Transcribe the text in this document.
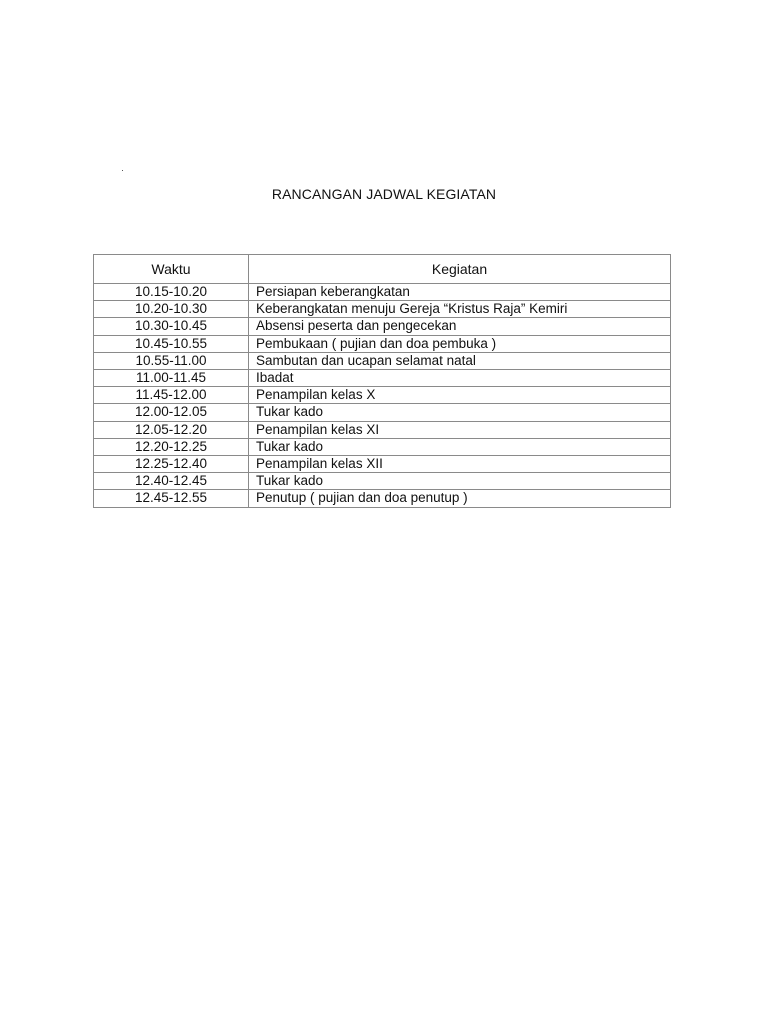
RANCANGAN JADWAL KEGIATAN
Waktu	Kegiatan
10.15-10.20	Persiapan keberangkatan
10.20-10.30	Keberangkatan menuju Gereja “Kristus Raja” Kemiri
10.30-10.45	Absensi peserta dan pengecekan
10.45-10.55	Pembukaan ( pujian dan doa pembuka )
10.55-11.00	Sambutan dan ucapan selamat natal
11.00-11.45	Ibadat
11.45-12.00	Penampilan kelas X
12.00-12.05	Tukar kado
12.05-12.20	Penampilan kelas XI
12.20-12.25	Tukar kado
12.25-12.40	Penampilan kelas XII
12.40-12.45	Tukar kado
12.45-12.55	Penutup ( pujian dan doa penutup )
